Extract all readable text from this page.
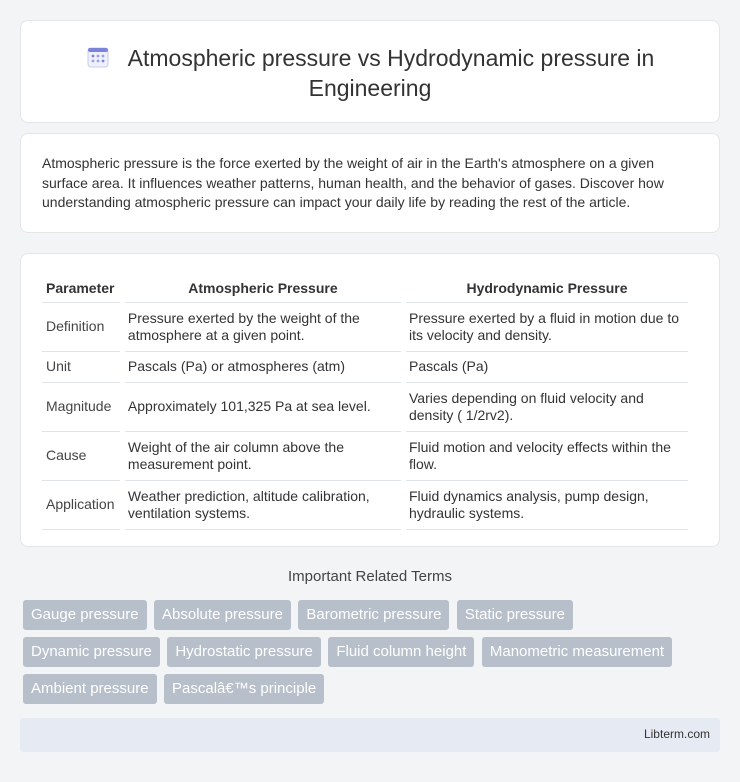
Atmospheric pressure vs Hydrodynamic pressure in Engineering

Atmospheric pressure is the force exerted by the weight of air in the Earth's atmosphere on a given surface area. It influences weather patterns, human health, and the behavior of gases. Discover how understanding atmospheric pressure can impact your daily life by reading the rest of the article.

Parameter	Atmospheric Pressure	Hydrodynamic Pressure
Definition	Pressure exerted by the weight of the atmosphere at a given point.	Pressure exerted by a fluid in motion due to its velocity and density.
Unit	Pascals (Pa) or atmospheres (atm)	Pascals (Pa)
Magnitude	Approximately 101,325 Pa at sea level.	Varies depending on fluid velocity and density ( 1/2rv2).
Cause	Weight of the air column above the measurement point.	Fluid motion and velocity effects within the flow.
Application	Weather prediction, altitude calibration, ventilation systems.	Fluid dynamics analysis, pump design, hydraulic systems.
Important Related Terms
Gauge pressure Absolute pressure Barometric pressure Static pressure
Dynamic pressure Hydrostatic pressure Fluid column height Manometric measurement
Ambient pressure Pascalâ€™s principle
Libterm.com
